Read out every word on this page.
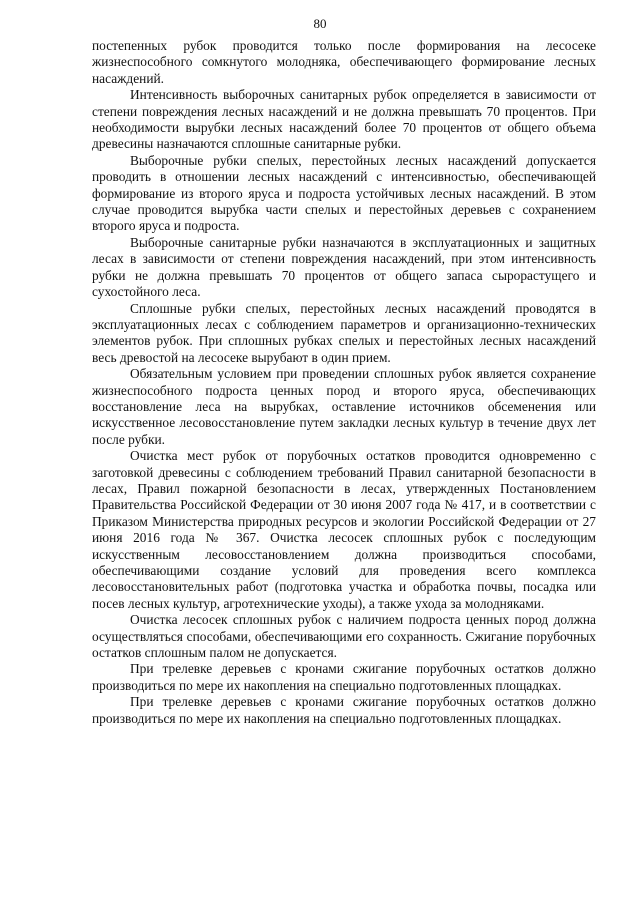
80

постепенных рубок проводится только после формирования на лесосеке жизнеспособного сомкнутого молодняка, обеспечивающего формирование лесных насаждений.

Интенсивность выборочных санитарных рубок определяется в зависимости от степени повреждения лесных насаждений и не должна превышать 70 процентов. При необходимости вырубки лесных насаждений более 70 процентов от общего объема древесины назначаются сплошные санитарные рубки.

Выборочные рубки спелых, перестойных лесных насаждений допускается проводить в отношении лесных насаждений с интенсивностью, обеспечивающей формирование из второго яруса и подроста устойчивых лесных насаждений. В этом случае проводится вырубка части спелых и перестойных деревьев с сохранением второго яруса и подроста.

Выборочные санитарные рубки назначаются в эксплуатационных и защитных лесах в зависимости от степени повреждения насаждений, при этом интенсивность рубки не должна превышать 70 процентов от общего запаса сырорастущего и сухостойного леса.

Сплошные рубки спелых, перестойных лесных насаждений проводятся в эксплуатационных лесах с соблюдением параметров и организационно-технических элементов рубок. При сплошных рубках спелых и перестойных лесных насаждений весь древостой на лесосеке вырубают в один прием.

Обязательным условием при проведении сплошных рубок является сохранение жизнеспособного подроста ценных пород и второго яруса, обеспечивающих восстановление леса на вырубках, оставление источников обсеменения или искусственное лесовосстановление путем закладки лесных культур в течение двух лет после рубки.

Очистка мест рубок от порубочных остатков проводится одновременно с заготовкой древесины с соблюдением требований Правил санитарной безопасности в лесах, Правил пожарной безопасности в лесах, утвержденных Постановлением Правительства Российской Федерации от 30 июня 2007 года № 417, и в соответствии с Приказом Министерства природных ресурсов и экологии Российской Федерации от 27 июня 2016 года № 367. Очистка лесосек сплошных рубок с последующим искусственным лесовосстановлением должна производиться способами, обеспечивающими создание условий для проведения всего комплекса лесовосстановительных работ (подготовка участка и обработка почвы, посадка или посев лесных культур, агротехнические уходы), а также ухода за молодняками.

Очистка лесосек сплошных рубок с наличием подроста ценных пород должна осуществляться способами, обеспечивающими его сохранность. Сжигание порубочных остатков сплошным палом не допускается.

При трелевке деревьев с кронами сжигание порубочных остатков должно производиться по мере их накопления на специально подготовленных площадках.

При трелевке деревьев с кронами сжигание порубочных остатков должно производиться по мере их накопления на специально подготовленных площадках.
